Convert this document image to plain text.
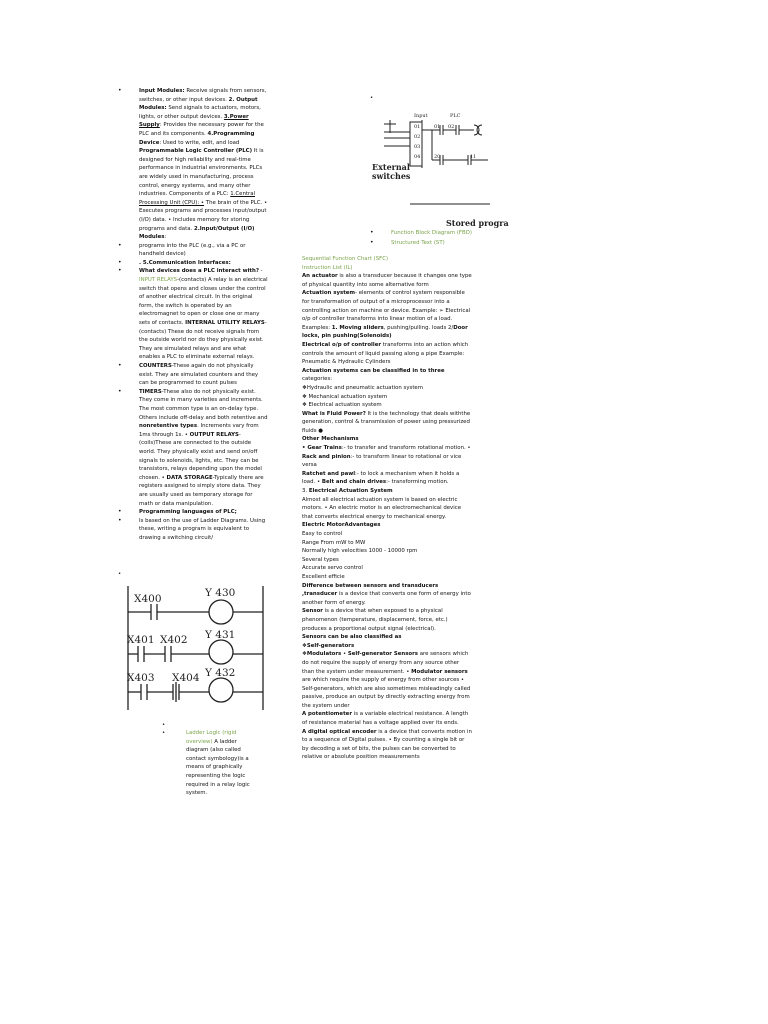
•	Input Modules: Receive signals from sensors, switches, or other input devices. 2. Output Modules: Send signals to actuators, motors, lights, or other output devices. 3.Power Supply: Provides the necessary power for the PLC and its components. 4.Programming Device: Used to write, edit, and load Programmable Logic Controller (PLC) It is designed for high reliability and real-time performance in industrial environments. PLCs are widely used in manufacturing, process control, energy systems, and many other industries. Components of a PLC: 1.Central Processing Unit (CPU): • The brain of the PLC. • Executes programs and processes input/output (I/O) data. • Includes memory for storing programs and data. 2.Input/Output (I/O) Modules:
•	programs into the PLC (e.g., via a PC or handheld device)
•	. 5.Communication Interfaces:
•	What devices does a PLC interact with? - INPUT RELAYS-(contacts) A relay is an electrical switch that opens and closes under the control of another electrical circuit. In the original form, the switch is operated by an electromagnet to open or close one or many sets of contacts. INTERNAL UTILITY RELAYS-(contacts) These do not receive signals from the outside world nor do they physically exist. They are simulated relays and are what enables a PLC to eliminate external relays.
•	COUNTERS-These again do not physically exist. They are simulated counters and they can be programmed to count pulses
•	TIMERS-These also do not physically exist. They come in many varieties and increments. The most common type is an on-delay type. Others include off-delay and both retentive and nonretentive types. Increments vary from 1ms through 1s. • OUTPUT RELAYS-(coils)These are connected to the outside world. They physically exist and send on/off signals to solenoids, lights, etc. They can be transistors, relays depending upon the model chosen. • DATA STORAGE-Typically there are registers assigned to simply store data. They are usually used as temporary storage for math or data manipulation.
•	Programming languages of PLC;
•	Is based on the use of Ladder Diagrams. Using these, writing a program is equivalent to drawing a switching circuit/
•
X400
X401 X402
X403 X404
Y 430
Y 431
Y 432
•
•	Ladder Logic (rigid overview) A ladder diagram (also called contact symbology)is a means of graphically representing the logic required in a relay logic system.
•
Input	PLC
01
02
03
04
01 02
20	11
External
switches
Stored progra
•	Function Block Diagram (FBD)
•	Structured Text (ST)
Sequential Function Chart (SFC)
Instruction List (IL)
An actuator is also a transducer because it changes one type of physical quantity into some alternative form
Actuation system- elements of control system responsible for transformation of output of a microprocessor into a controlling action on machine or device. Example: ➢ Electrical o/p of controller transforms into linear motion of a load. Examples: 1. Moving sliders, pushing/pulling. loads 2/Door locks, pin pushing(Solenoids)
Electrical o/p of controller transforms into an action which controls the amount of liquid passing along a pipe Example: Pneumatic & Hydraulic Cylinders
Actuation systems can be classified in to three categories:
❖Hydraulic and pneumatic actuation system
❖ Mechanical actuation system
❖ Electrical actuation system
What is Fluid Power? It is the technology that deals withthe generation, control & transmission of power using pressurized fluids ●
Other Mechanisms
• Gear Trains:- to transfer and transform rotational motion. • Rack and pinion:- to transform linear to rotational or vice versa
Ratchet and pawl:- to lock a mechanism when it holds a load. • Belt and chain drives:- transforming motion.
3. Electrical Actuation System
Almost all electrical actuation system is based on electric motors. • An electric motor is an electromechanical device that converts electrical energy to mechanical energy.
Electric MotorAdvantages
Easy to control
Range From mW to MW
Normally high velocities 1000 - 10000 rpm
Several types
Accurate servo control
Excellent efficie
Difference between sensors and transducers
,transducer is a device that converts one form of energy into another form of energy.
Sensor is a device that when exposed to a physical phenomenon (temperature, displacement, force, etc.) produces a proportional output signal (electrical).
Sensors can be also classified as
❖Self-generators
❖Modulators • Self-generator Sensors are sensors which do not require the supply of energy from any source other than the system under measurement. • Modulator sensors are which require the supply of energy from other sources • Self-generators, which are also sometimes misleadingly called passive, produce an output by directly extracting energy from the system under
A potentiometer is a variable electrical resistance. A length of resistance material has a voltage applied over its ends.
A digital optical encoder is a device that converts motion in to a sequence of Digital pulses. • By counting a single bit or by decoding a set of bits, the pulses can be converted to relative or absolute position measurements
